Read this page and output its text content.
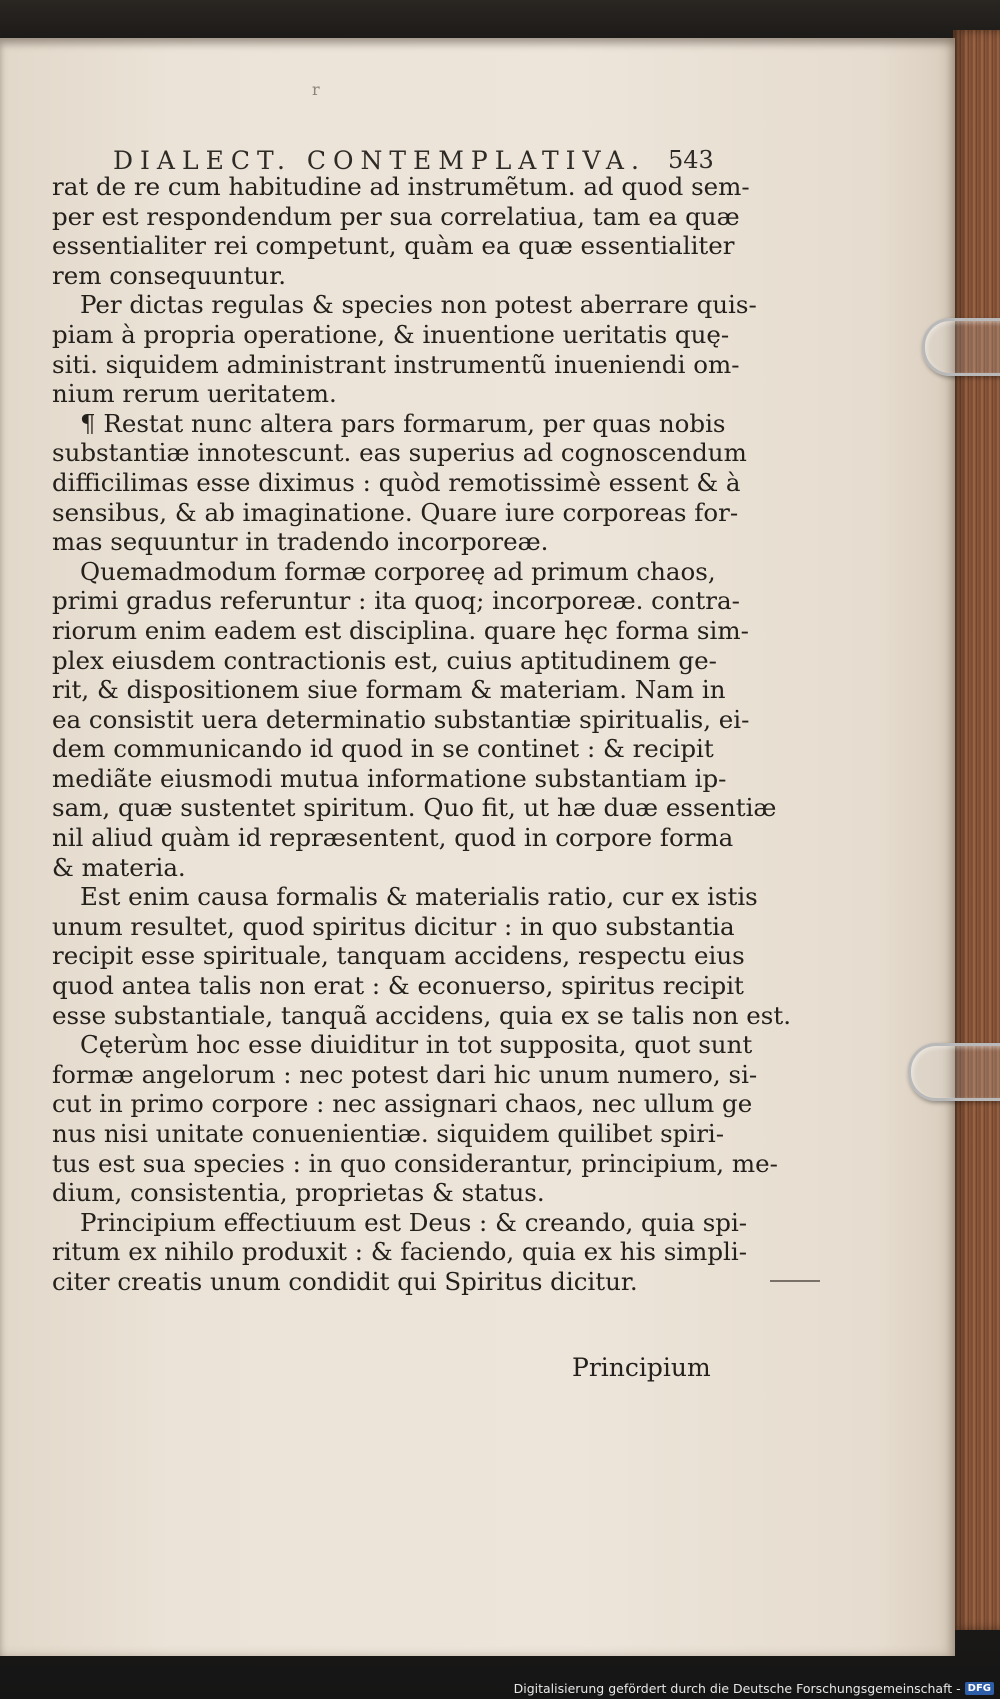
r
DIALECT. CONTEMPLATIVA. 543
rat de re cum habitudine ad instrumẽtum. ad quod sem-
per est respondendum per sua correlatiua, tam ea quæ
essentialiter rei competunt, quàm ea quæ essentialiter
rem consequuntur.
Per dictas regulas & species non potest aberrare quis-
piam à propria operatione, & inuentione ueritatis quę-
siti. siquidem administrant instrumentũ inueniendi om-
nium rerum ueritatem.
¶ Restat nunc altera pars formarum, per quas nobis
substantiæ innotescunt. eas superius ad cognoscendum
difficilimas esse diximus : quòd remotissimè essent & à
sensibus, & ab imaginatione. Quare iure corporeas for-
mas sequuntur in tradendo incorporeæ.
Quemadmodum formæ corporeę ad primum chaos,
primi gradus referuntur : ita quoq; incorporeæ. contra-
riorum enim eadem est disciplina. quare hęc forma sim-
plex eiusdem contractionis est, cuius aptitudinem ge-
rit, & dispositionem siue formam & materiam. Nam in
ea consistit uera determinatio substantiæ spiritualis, ei-
dem communicando id quod in se continet : & recipit
mediãte eiusmodi mutua informatione substantiam ip-
sam, quæ sustentet spiritum. Quo fit, ut hæ duæ essentiæ
nil aliud quàm id repræsentent, quod in corpore forma
& materia.
Est enim causa formalis & materialis ratio, cur ex istis
unum resultet, quod spiritus dicitur : in quo substantia
recipit esse spirituale, tanquam accidens, respectu eius
quod antea talis non erat : & econuerso, spiritus recipit
esse substantiale, tanquã accidens, quia ex se talis non est.
Cęterùm hoc esse diuiditur in tot supposita, quot sunt
formæ angelorum : nec potest dari hic unum numero, si-
cut in primo corpore : nec assignari chaos, nec ullum ge
nus nisi unitate conuenientiæ. siquidem quilibet spiri-
tus est sua species : in quo considerantur, principium, me-
dium, consistentia, proprietas & status.
Principium effectiuum est Deus : & creando, quia spi-
ritum ex nihilo produxit : & faciendo, quia ex his simpli-
citer creatis unum condidit qui Spiritus dicitur.
Principium
Digitalisierung gefördert durch die Deutsche Forschungsgemeinschaft - DFG
